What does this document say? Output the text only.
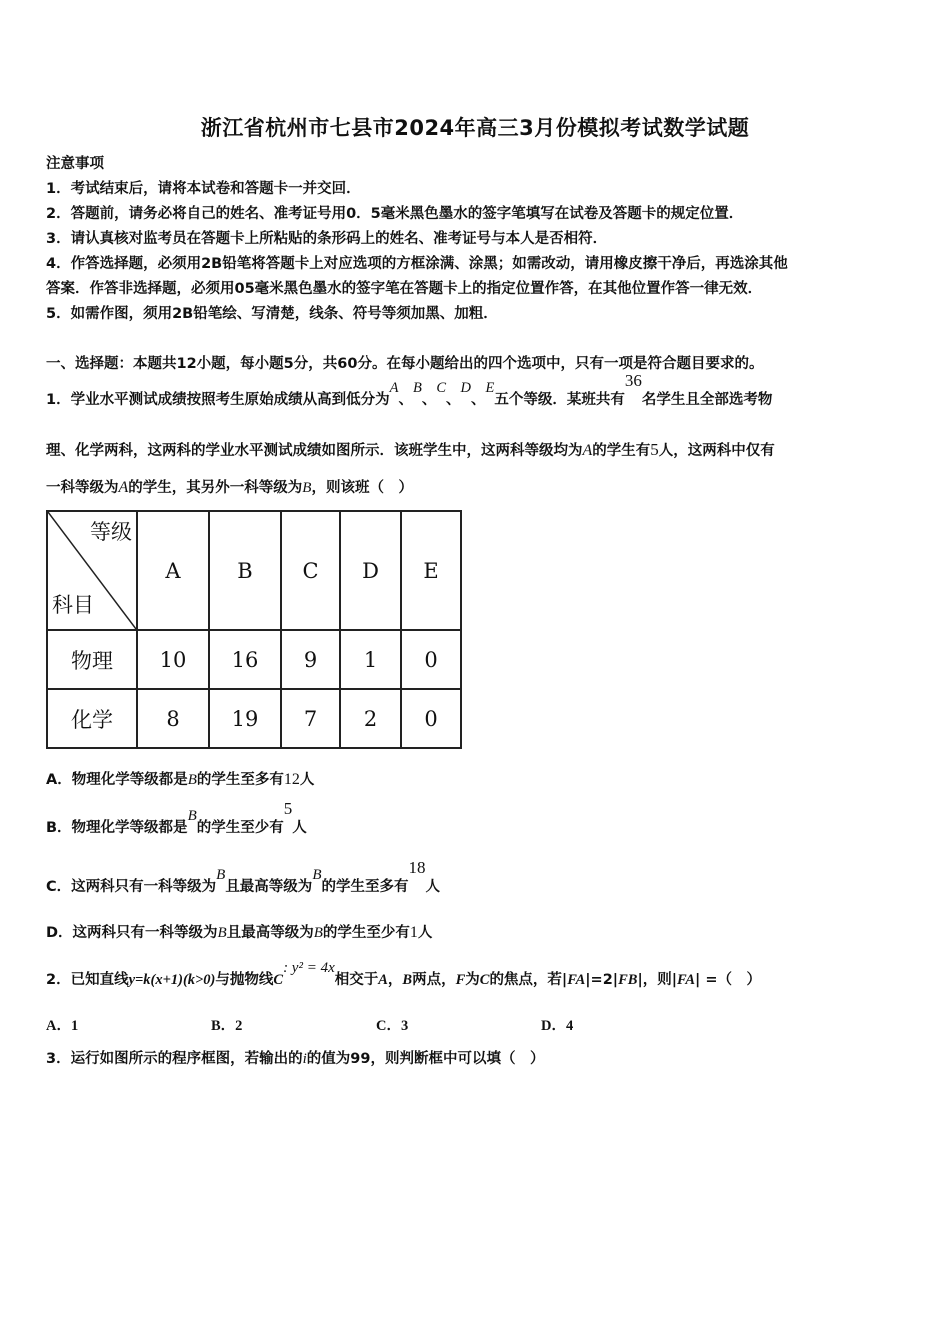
浙江省杭州市七县市2024年高三3月份模拟考试数学试题
注意事项
1．考试结束后，请将本试卷和答题卡一并交回．
2．答题前，请务必将自己的姓名、准考证号用0．5毫米黑色墨水的签字笔填写在试卷及答题卡的规定位置．
3．请认真核对监考员在答题卡上所粘贴的条形码上的姓名、准考证号与本人是否相符．
4．作答选择题，必须用2B铅笔将答题卡上对应选项的方框涂满、涂黑；如需改动，请用橡皮擦干净后，再选涂其他
答案．作答非选择题，必须用05毫米黑色墨水的签字笔在答题卡上的指定位置作答，在其他位置作答一律无效．
5．如需作图，须用2B铅笔绘、写清楚，线条、符号等须加黑、加粗．
一、选择题：本题共12小题，每小题5分，共60分。在每小题给出的四个选项中，只有一项是符合题目要求的。
1．学业水平测试成绩按照考生原始成绩从高到低分为A、B、C、D、E五个等级．某班共有36名学生且全部选考物
理、化学两科，这两科的学业水平测试成绩如图所示．该班学生中，这两科等级均为A的学生有5人，这两科中仅有
一科等级为A的学生，其另外一科等级为B，则该班（　）
等级
科目	A	B	C	D	E
物理	10	16	9	1	0
化学	8	19	7	2	0
A．物理化学等级都是B的学生至多有12人
B．物理化学等级都是B的学生至少有5人
C．这两科只有一科等级为B且最高等级为B的学生至多有18人
D．这两科只有一科等级为B且最高等级为B的学生至少有1人
2．已知直线y=k(x+1)(k>0)与抛物线C: y² = 4x相交于A，B两点，F为C的焦点，若|FA|=2|FB|，则|FA| =（　）
A．1	B．2	C．3	D．4
3．运行如图所示的程序框图，若输出的i的值为99，则判断框中可以填（　）
